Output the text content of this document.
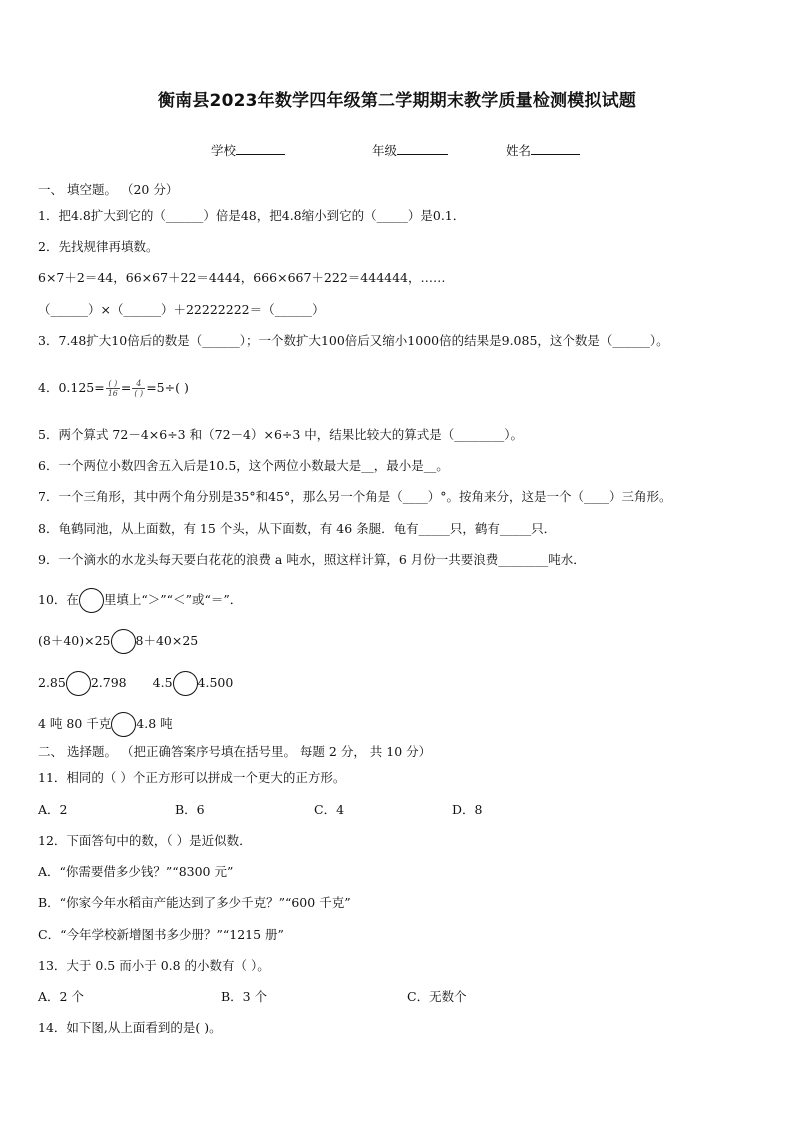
衡南县2023年数学四年级第二学期期末教学质量检测模拟试题
学校	年级	姓名
一、 填空题。 （20 分）
1．把4.8扩大到它的（______）倍是48，把4.8缩小到它的（_____）是0.1．
2．先找规律再填数。
6×7＋2＝44，66×67＋22＝4444，666×667＋222＝444444，……
（______）×（______）＋22222222＝（______）
3．7.48扩大10倍后的数是（______）；一个数扩大100倍后又缩小1000倍的结果是9.085，这个数是（______）。
4．$0.125= \frac{( )}{16} = \frac{4}{( )} =5\div$( )
5．两个算式 72－4×6÷3 和（72－4）×6÷3 中，结果比较大的算式是（________）。
6．一个两位小数四舍五入后是10.5，这个两位小数最大是__，最小是__。
7．一个三角形，其中两个角分别是35°和45°，那么另一个角是（____）°。按角来分，这是一个（____）三角形。
8．龟鹤同池，从上面数，有 15 个头，从下面数，有 46 条腿．龟有_____只，鹤有_____只．
9．一个滴水的水龙头每天要白花花的浪费 a 吨水，照这样计算，6 月份一共要浪费________吨水．
10．在 里填上“＞”“＜”或“＝”．
(8＋40)×25 8＋40×25
2.85 2.798 4.5 4.500
4 吨 80 千克 4.8 吨
二、 选择题。 （把正确答案序号填在括号里。 每题 2 分， 共 10 分）
11．相同的（ ）个正方形可以拼成一个更大的正方形。
A．2	B．6	C．4	D．8
12．下面答句中的数，（ ）是近似数．
A．“你需要借多少钱？”“8300 元”
B．“你家今年水稻亩产能达到了多少千克？”“600 千克”
C．“今年学校新增图书多少册？”“1215 册”
13．大于 0.5 而小于 0.8 的小数有（ ）。
A．2 个	B．3 个	C．无数个
14．如下图,从上面看到的是( )。
